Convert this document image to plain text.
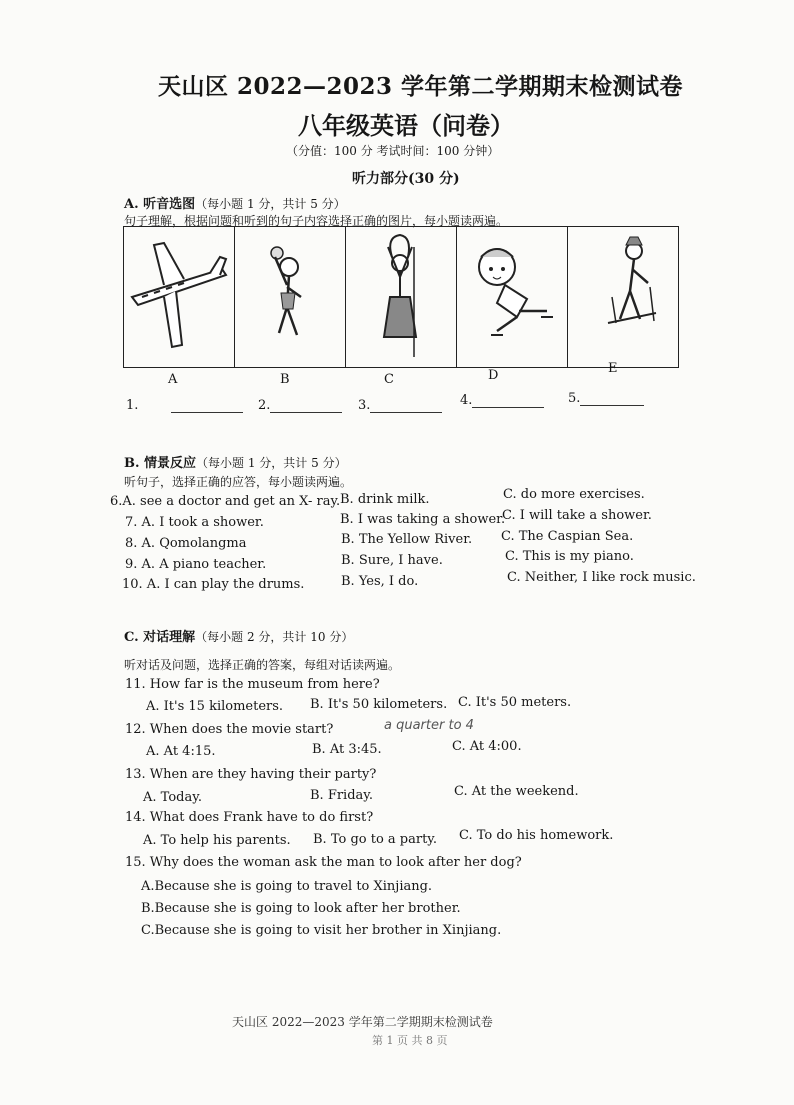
天山区 2022—2023 学年第二学期期末检测试卷
八年级英语（问卷）
（分值：100 分 考试时间：100 分钟）
听力部分(30 分)
A. 听音选图（每小题 1 分，共计 5 分）
句子理解，根据问题和听到的句子内容选择正确的图片，每小题读两遍。
A	B	C	D	E
1.	2.	3.	4.	5.
B. 情景反应（每小题 1 分，共计 5 分）
听句子，选择正确的应答，每小题读两遍。
6.A. see a doctor and get an X- ray. B. drink milk.	C. do more exercises.
7. A. I took a shower.	B. I was taking a shower.
C. I will take a shower.
8. A. Qomolangma	B. The Yellow River. C. The Caspian Sea.
9. A. A piano teacher.	B. Sure, I have.	C. This is my piano.
10. A. I can play the drums.	B. Yes, I do.	C. Neither, I like rock music.
C. 对话理解（每小题 2 分，共计 10 分）
听对话及问题，选择正确的答案，每组对话读两遍。
11. How far is the museum from here?
A. It's 15 kilometers. B. It's 50 kilometers. C. It's 50 meters.
12. When does the movie start?	a quarter to 4
A. At 4:15.	B. At 3:45.	C. At 4:00.
13. When are they having their party?
A. Today.	B. Friday.	C. At the weekend.
14. What does Frank have to do first?
A. To help his parents. B. To go to a party. C. To do his homework.
15. Why does the woman ask the man to look after her dog?
A.Because she is going to travel to Xinjiang.
B.Because she is going to look after her brother.
C.Because she is going to visit her brother in Xinjiang.
天山区 2022—2023 学年第二学期期末检测试卷
第 1 页 共 8 页
